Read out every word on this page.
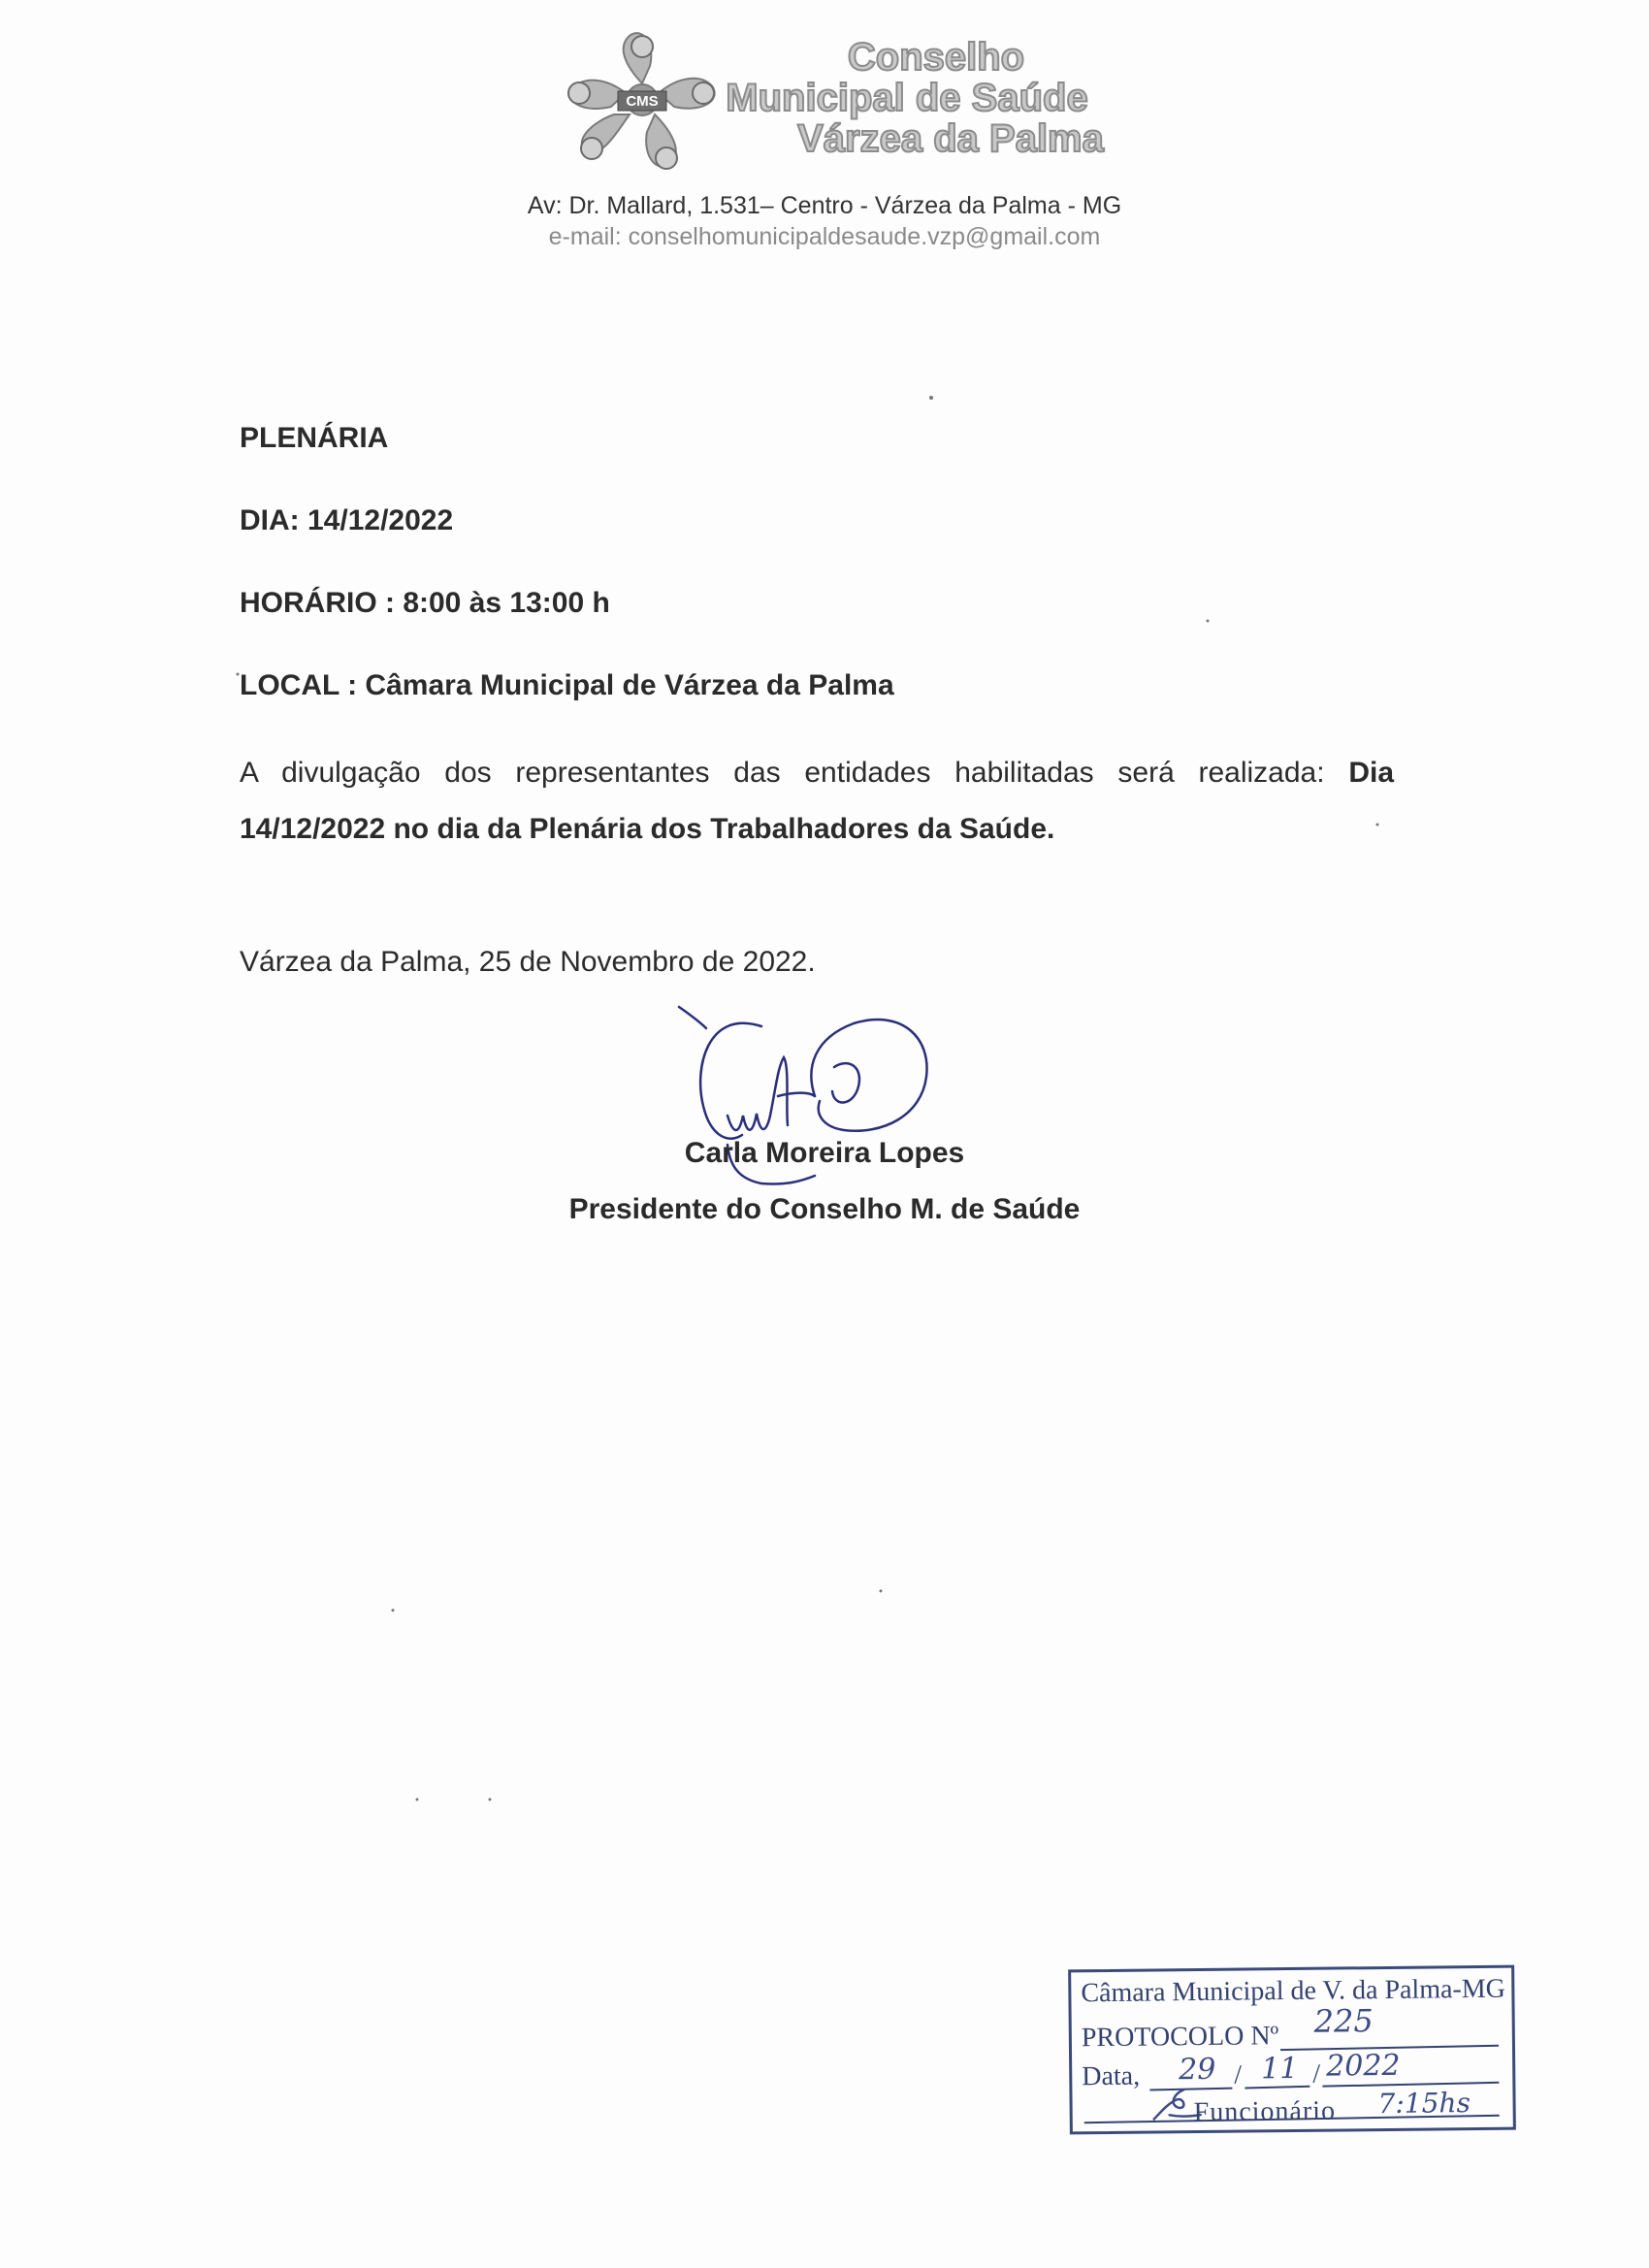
CMS
Conselho
Municipal de Saúde
Várzea da Palma
Av: Dr. Mallard, 1.531– Centro - Várzea da Palma - MG
e-mail: conselhomunicipaldesaude.vzp@gmail.com
PLENÁRIA
DIA: 14/12/2022
HORÁRIO : 8:00 às 13:00 h
LOCAL : Câmara Municipal de Várzea da Palma
A divulgação dos representantes das entidades habilitadas será realizada: Dia 14/12/2022 no dia da Plenária dos Trabalhadores da Saúde.
Várzea da Palma, 25 de Novembro de 2022.
Carla Moreira Lopes
Presidente do Conselho M. de Saúde
Câmara Municipal de V. da Palma-MG
PROTOCOLO Nº 225
Data, 29 / 11 / 2022
7:15hs
Funcionário
